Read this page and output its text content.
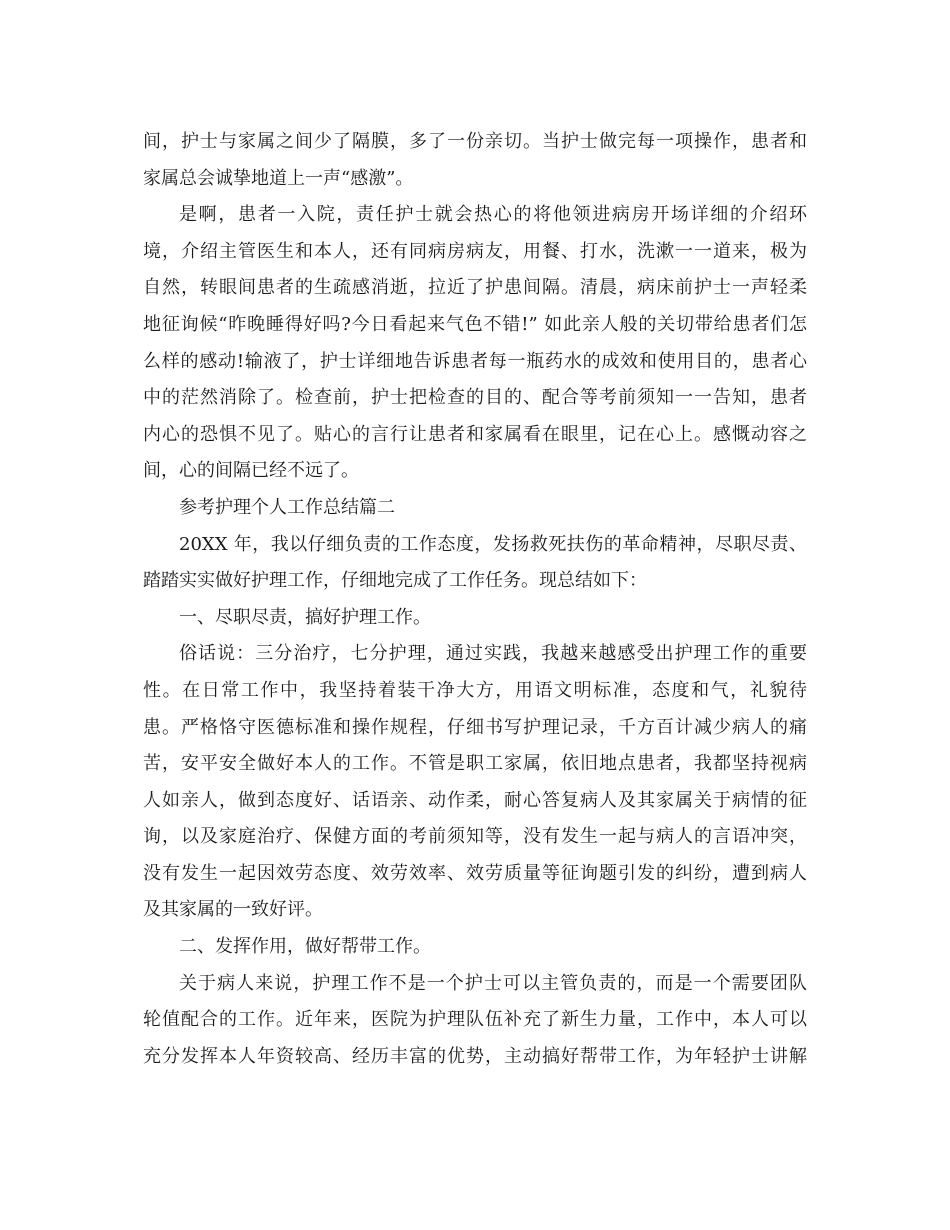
间，护士与家属之间少了隔膜，多了一份亲切。当护士做完每一项操作，患者和
家属总会诚挚地道上一声“感激”。
是啊，患者一入院，责任护士就会热心的将他领进病房开场详细的介绍环
境，介绍主管医生和本人，还有同病房病友，用餐、打水，洗漱一一道来，极为
自然，转眼间患者的生疏感消逝，拉近了护患间隔。清晨，病床前护士一声轻柔
地征询候“昨晚睡得好吗?今日看起来气色不错!” 如此亲人般的关切带给患者们怎
么样的感动!输液了，护士详细地告诉患者每一瓶药水的成效和使用目的，患者心
中的茫然消除了。检查前，护士把检查的目的、配合等考前须知一一告知，患者
内心的恐惧不见了。贴心的言行让患者和家属看在眼里，记在心上。感慨动容之
间，心的间隔已经不远了。
参考护理个人工作总结篇二
20XX 年，我以仔细负责的工作态度，发扬救死扶伤的革命精神，尽职尽责、
踏踏实实做好护理工作，仔细地完成了工作任务。现总结如下：
一、尽职尽责，搞好护理工作。
俗话说：三分治疗，七分护理，通过实践，我越来越感受出护理工作的重要
性。在日常工作中，我坚持着装干净大方，用语文明标准，态度和气，礼貌待
患。严格恪守医德标准和操作规程，仔细书写护理记录，千方百计减少病人的痛
苦，安平安全做好本人的工作。不管是职工家属，依旧地点患者，我都坚持视病
人如亲人，做到态度好、话语亲、动作柔，耐心答复病人及其家属关于病情的征
询，以及家庭治疗、保健方面的考前须知等，没有发生一起与病人的言语冲突，
没有发生一起因效劳态度、效劳效率、效劳质量等征询题引发的纠纷，遭到病人
及其家属的一致好评。
二、发挥作用，做好帮带工作。
关于病人来说，护理工作不是一个护士可以主管负责的，而是一个需要团队
轮值配合的工作。近年来，医院为护理队伍补充了新生力量，工作中，本人可以
充分发挥本人年资较高、经历丰富的优势，主动搞好帮带工作，为年轻护士讲解
